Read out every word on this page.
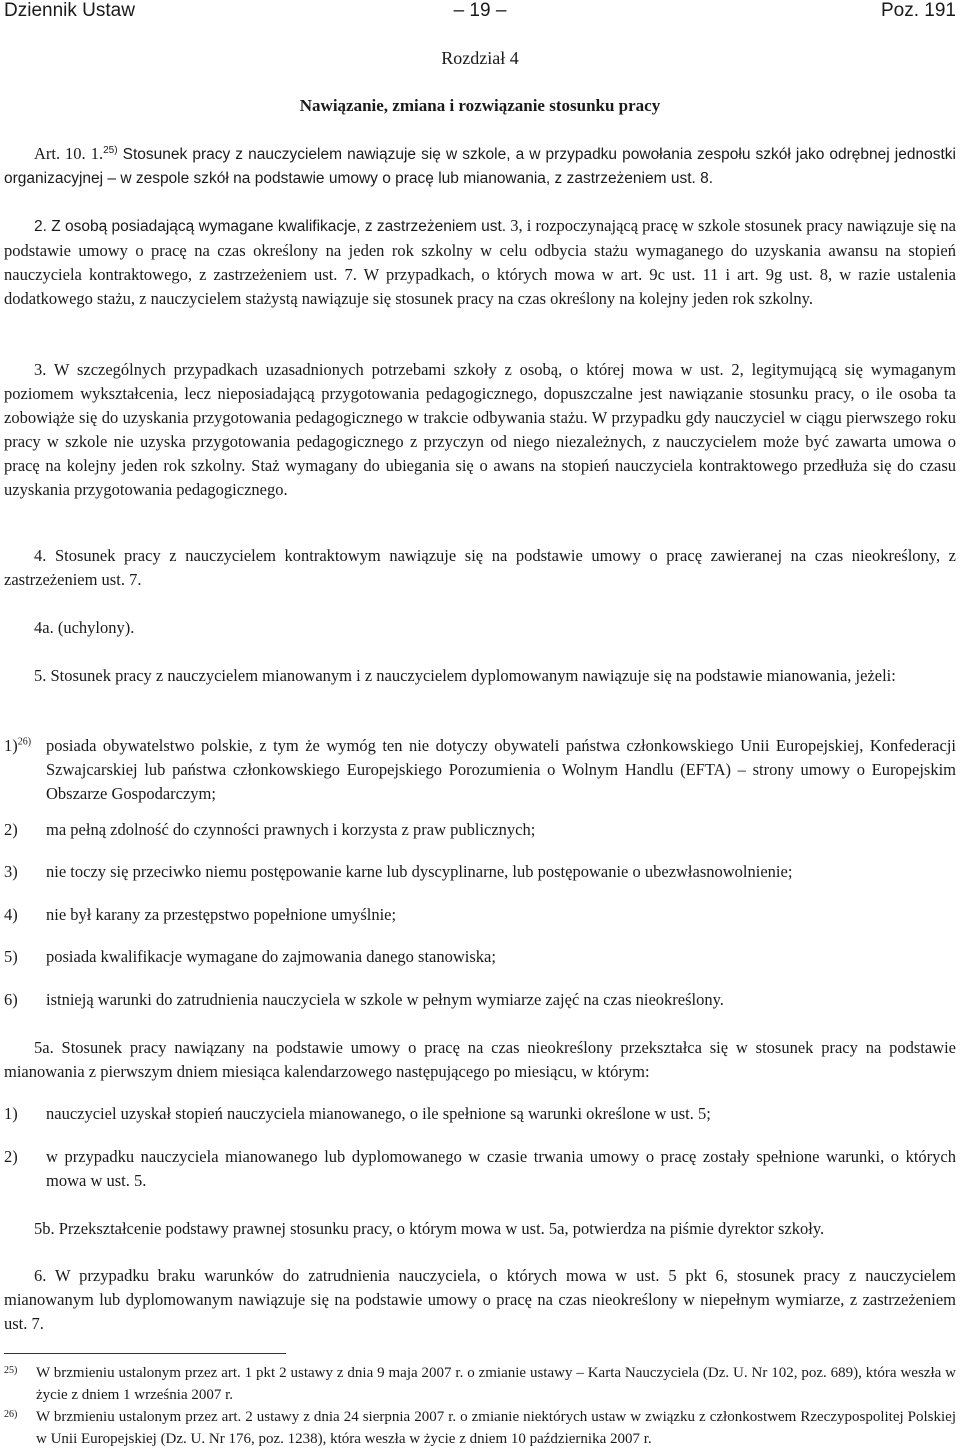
Dziennik Ustaw	– 19 –	Poz. 191
Rozdział 4
Nawiązanie, zmiana i rozwiązanie stosunku pracy
Art. 10. 1.$^{25)}$ Stosunek pracy z nauczycielem nawiązuje się w szkole, a w przypadku powołania zespołu szkół jako odrębnej jednostki organizacyjnej – w zespole szkół na podstawie umowy o pracę lub mianowania, z zastrzeżeniem ust. 8.
2. Z osobą posiadającą wymagane kwalifikacje, z zastrzeżeniem ust. 3, i rozpoczynającą pracę w szkole stosunek pracy nawiązuje się na podstawie umowy o pracę na czas określony na jeden rok szkolny w celu odbycia stażu wymaganego do uzyskania awansu na stopień nauczyciela kontraktowego, z zastrzeżeniem ust. 7. W przypadkach, o których mowa w art. 9c ust. 11 i art. 9g ust. 8, w razie ustalenia dodatkowego stażu, z nauczycielem stażystą nawiązuje się stosunek pracy na czas określony na kolejny jeden rok szkolny.
3. W szczególnych przypadkach uzasadnionych potrzebami szkoły z osobą, o której mowa w ust. 2, legitymującą się wymaganym poziomem wykształcenia, lecz nieposiadającą przygotowania pedagogicznego, dopuszczalne jest nawiązanie stosunku pracy, o ile osoba ta zobowiąże się do uzyskania przygotowania pedagogicznego w trakcie odbywania stażu. W przypadku gdy nauczyciel w ciągu pierwszego roku pracy w szkole nie uzyska przygotowania pedagogicznego z przyczyn od niego niezależnych, z nauczycielem może być zawarta umowa o pracę na kolejny jeden rok szkolny. Staż wymagany do ubiegania się o awans na stopień nauczyciela kontraktowego przedłuża się do czasu uzyskania przygotowania pedagogicznego.
4. Stosunek pracy z nauczycielem kontraktowym nawiązuje się na podstawie umowy o pracę zawieranej na czas nieokreślony, z zastrzeżeniem ust. 7.
4a. (uchylony).
5. Stosunek pracy z nauczycielem mianowanym i z nauczycielem dyplomowanym nawiązuje się na podstawie mianowania, jeżeli:
1)$^{26)}$ posiada obywatelstwo polskie, z tym że wymóg ten nie dotyczy obywateli państwa członkowskiego Unii Europejskiej, Konfederacji Szwajcarskiej lub państwa członkowskiego Europejskiego Porozumienia o Wolnym Handlu (EFTA) – strony umowy o Europejskim Obszarze Gospodarczym;
2) ma pełną zdolność do czynności prawnych i korzysta z praw publicznych;
3) nie toczy się przeciwko niemu postępowanie karne lub dyscyplinarne, lub postępowanie o ubezwłasnowolnienie;
4) nie był karany za przestępstwo popełnione umyślnie;
5) posiada kwalifikacje wymagane do zajmowania danego stanowiska;
6) istnieją warunki do zatrudnienia nauczyciela w szkole w pełnym wymiarze zajęć na czas nieokreślony.
5a. Stosunek pracy nawiązany na podstawie umowy o pracę na czas nieokreślony przekształca się w stosunek pracy na podstawie mianowania z pierwszym dniem miesiąca kalendarzowego następującego po miesiącu, w którym:
1) nauczyciel uzyskał stopień nauczyciela mianowanego, o ile spełnione są warunki określone w ust. 5;
2) w przypadku nauczyciela mianowanego lub dyplomowanego w czasie trwania umowy o pracę zostały spełnione warunki, o których mowa w ust. 5.
5b. Przekształcenie podstawy prawnej stosunku pracy, o którym mowa w ust. 5a, potwierdza na piśmie dyrektor szkoły.
6. W przypadku braku warunków do zatrudnienia nauczyciela, o których mowa w ust. 5 pkt 6, stosunek pracy z nauczycielem mianowanym lub dyplomowanym nawiązuje się na podstawie umowy o pracę na czas nieokreślony w niepełnym wymiarze, z zastrzeżeniem ust. 7.
25) W brzmieniu ustalonym przez art. 1 pkt 2 ustawy z dnia 9 maja 2007 r. o zmianie ustawy – Karta Nauczyciela (Dz. U. Nr 102, poz. 689), która weszła w życie z dniem 1 września 2007 r.
26) W brzmieniu ustalonym przez art. 2 ustawy z dnia 24 sierpnia 2007 r. o zmianie niektórych ustaw w związku z członkostwem Rzeczypospolitej Polskiej w Unii Europejskiej (Dz. U. Nr 176, poz. 1238), która weszła w życie z dniem 10 października 2007 r.
